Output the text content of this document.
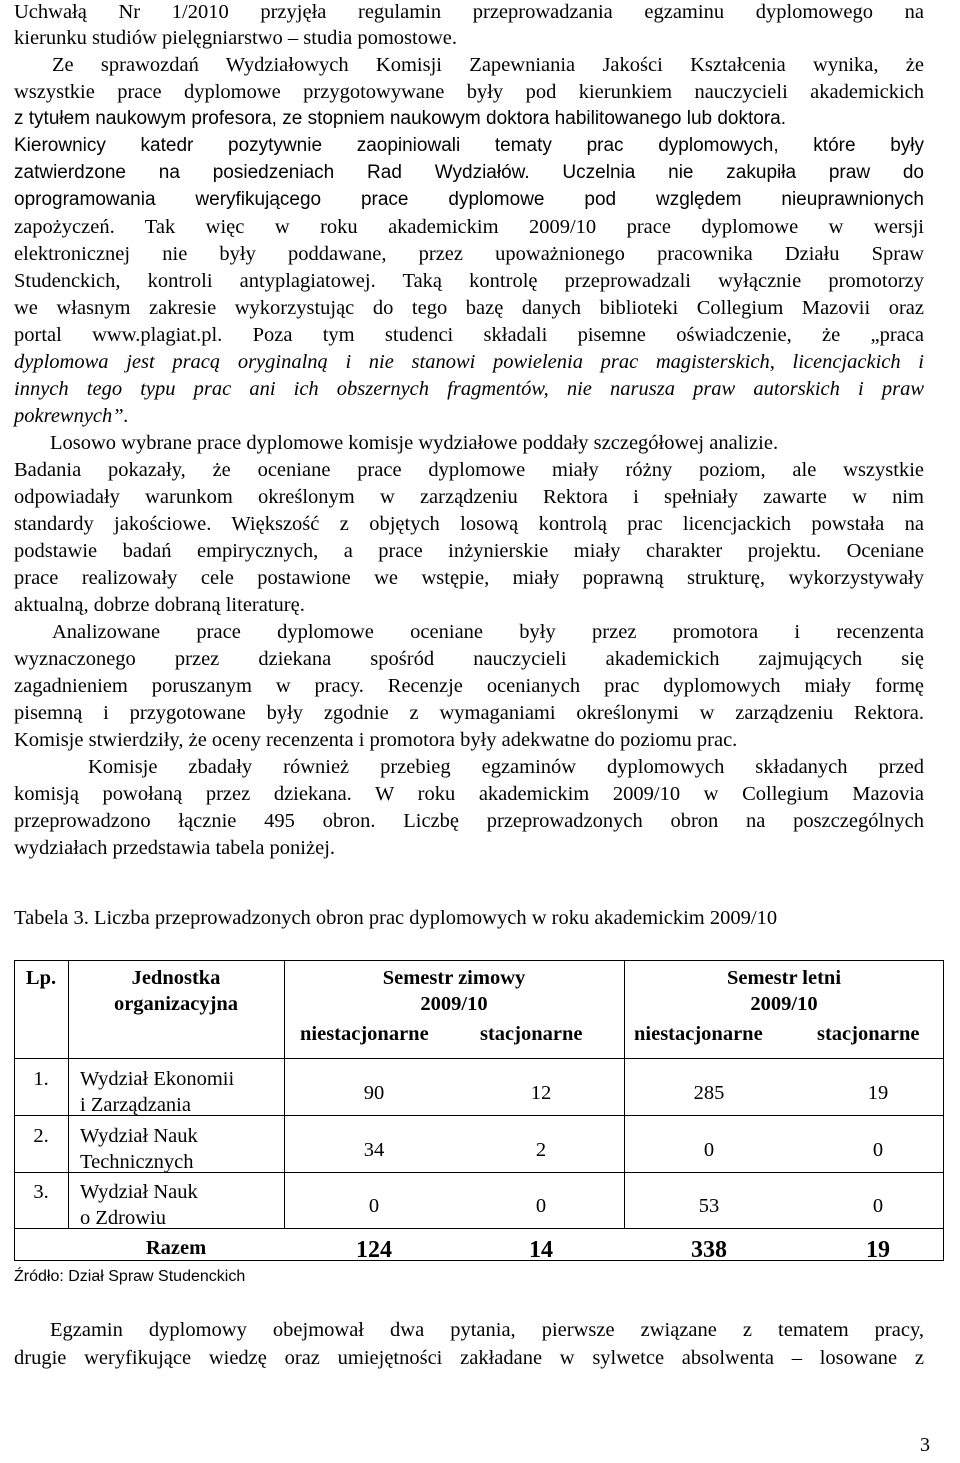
Uchwałą Nr 1/2010 przyjęła regulamin przeprowadzania egzaminu dyplomowego na
kierunku studiów pielęgniarstwo – studia pomostowe.
Ze sprawozdań Wydziałowych Komisji Zapewniania Jakości Kształcenia wynika, że
wszystkie prace dyplomowe przygotowywane były pod kierunkiem nauczycieli akademickich
z tytułem naukowym profesora, ze stopniem naukowym doktora habilitowanego lub doktora.
Kierownicy katedr pozytywnie zaopiniowali tematy prac dyplomowych, które były
zatwierdzone na posiedzeniach Rad Wydziałów. Uczelnia nie zakupiła praw do
oprogramowania weryfikującego prace dyplomowe pod względem nieuprawnionych
zapożyczeń. Tak więc w roku akademickim 2009/10 prace dyplomowe w wersji
elektronicznej nie były poddawane, przez upoważnionego pracownika Działu Spraw
Studenckich, kontroli antyplagiatowej. Taką kontrolę przeprowadzali wyłącznie promotorzy
we własnym zakresie wykorzystując do tego bazę danych biblioteki Collegium Mazovii oraz
portal www.plagiat.pl. Poza tym studenci składali pisemne oświadczenie, że „praca
dyplomowa jest pracą oryginalną i nie stanowi powielenia prac magisterskich, licencjackich i
innych tego typu prac ani ich obszernych fragmentów, nie narusza praw autorskich i praw
pokrewnych”.
Losowo wybrane prace dyplomowe komisje wydziałowe poddały szczegółowej analizie.
Badania pokazały, że oceniane prace dyplomowe miały różny poziom, ale wszystkie
odpowiadały warunkom określonym w zarządzeniu Rektora i spełniały zawarte w nim
standardy jakościowe. Większość z objętych losową kontrolą prac licencjackich powstała na
podstawie badań empirycznych, a prace inżynierskie miały charakter projektu. Oceniane
prace realizowały cele postawione we wstępie, miały poprawną strukturę, wykorzystywały
aktualną, dobrze dobraną literaturę.
Analizowane prace dyplomowe oceniane były przez promotora i recenzenta
wyznaczonego przez dziekana spośród nauczycieli akademickich zajmujących się
zagadnieniem poruszanym w pracy. Recenzje ocenianych prac dyplomowych miały formę
pisemną i przygotowane były zgodnie z wymaganiami określonymi w zarządzeniu Rektora.
Komisje stwierdziły, że oceny recenzenta i promotora były adekwatne do poziomu prac.
Komisje zbadały również przebieg egzaminów dyplomowych składanych przed
komisją powołaną przez dziekana. W roku akademickim 2009/10 w Collegium Mazovia
przeprowadzono łącznie 495 obron. Liczbę przeprowadzonych obron na poszczególnych
wydziałach przedstawia tabela poniżej.
Tabela 3. Liczba przeprowadzonych obron prac dyplomowych w roku akademickim 2009/10
Lp.	Jednostka
organizacyjna
Semestr zimowy
2009/10
Semestr letni
2009/10
niestacjonarne	stacjonarne	niestacjonarne	stacjonarne
1.	Wydział Ekonomii
i Zarządzania
90	12	285	19
2.	Wydział Nauk
Technicznych
34	2	0	0
3.	Wydział Nauk
o Zdrowiu
0	0	53	0
Razem	124	14	338	19
Źródło: Dział Spraw Studenckich
Egzamin dyplomowy obejmował dwa pytania, pierwsze związane z tematem pracy,
drugie weryfikujące wiedzę oraz umiejętności zakładane w sylwetce absolwenta – losowane z
3
